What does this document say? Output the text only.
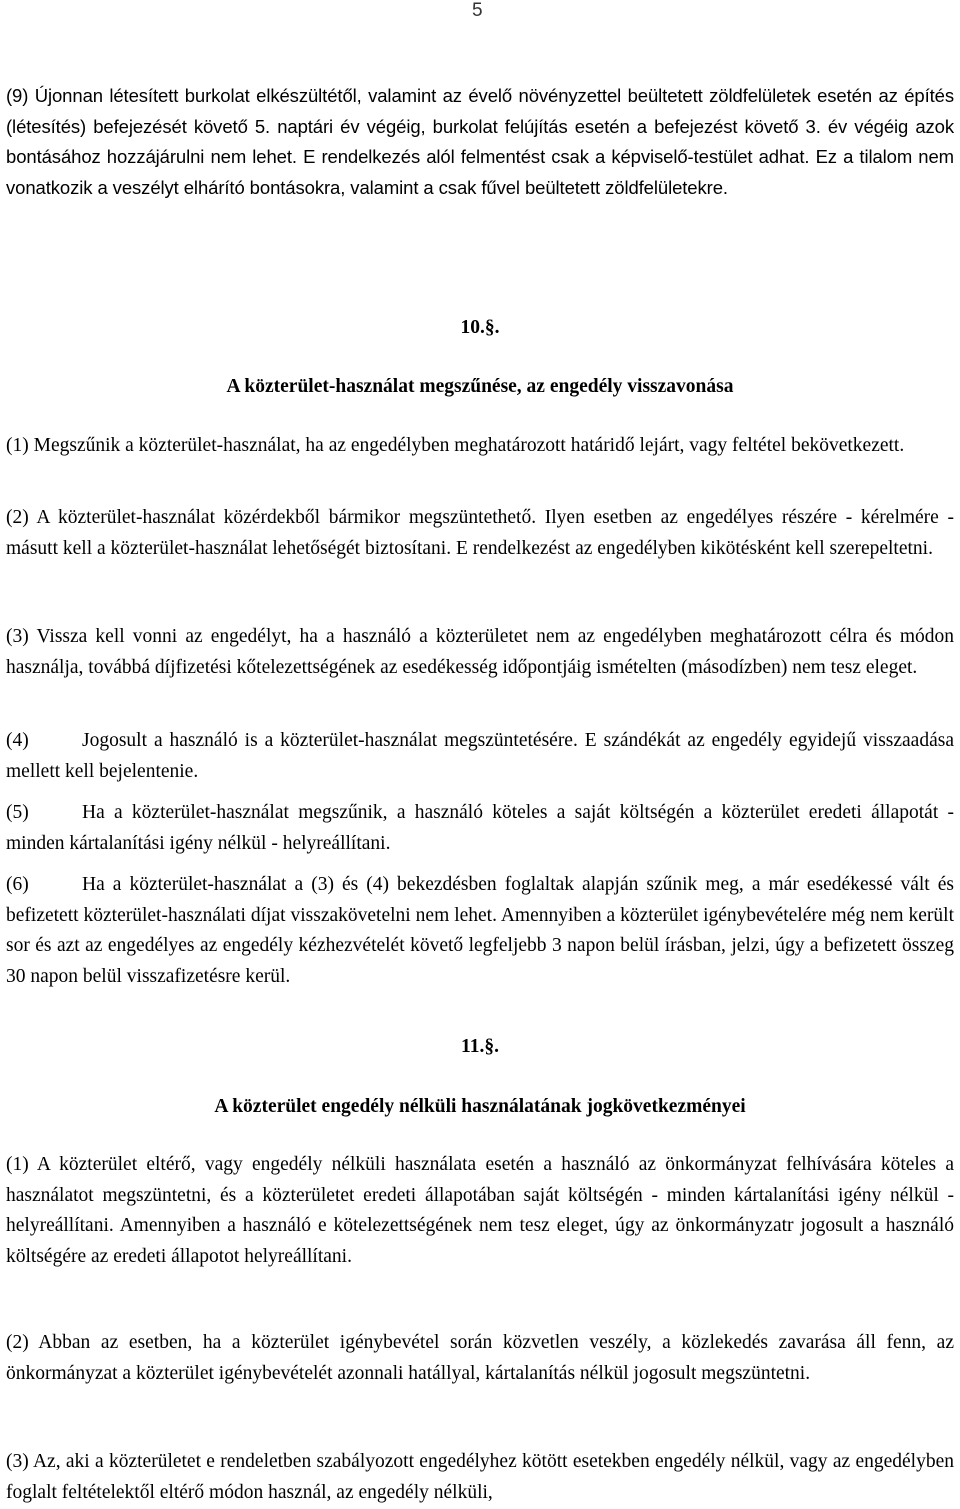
5

(9) Újonnan létesített burkolat elkészültétől, valamint az évelő növényzettel beültetett zöldfelületek esetén az építés (létesítés) befejezését követő 5. naptári év végéig, burkolat felújítás esetén a befejezést követő 3. év végéig azok bontásához hozzájárulni nem lehet. E rendelkezés alól felmentést csak a képviselő-testület adhat. Ez a tilalom nem vonatkozik a veszélyt elhárító bontásokra, valamint a csak fűvel beültetett zöldfelületekre.

10.§.
A közterület-használat megszűnése, az engedély visszavonása

(1) Megszűnik a közterület-használat, ha az engedélyben meghatározott határidő lejárt, vagy feltétel bekövetkezett.

(2) A közterület-használat közérdekből bármikor megszüntethető. Ilyen esetben az engedélyes részére - kérelmére - másutt kell a közterület-használat lehetőségét biztosítani. E rendelkezést az engedélyben kikötésként kell szerepeltetni.

(3) Vissza kell vonni az engedélyt, ha a használó a közterületet nem az engedélyben meghatározott célra és módon használja, továbbá díjfizetési kőtelezettségének az esedékesség időpontjáig ismételten (másodízben) nem tesz eleget.

(4)	Jogosult a használó is a közterület-használat megszüntetésére. E szándékát az engedély egyidejű visszaadása mellett kell bejelentenie.

(5)	Ha a közterület-használat megszűnik, a használó köteles a saját költségén a közterület eredeti állapotát - minden kártalanítási igény nélkül - helyreállítani.

(6)	Ha a közterület-használat a (3) és (4) bekezdésben foglaltak alapján szűnik meg, a már esedékessé vált és befizetett közterület-használati díjat visszakövetelni nem lehet. Amennyiben a közterület igénybevételére még nem került sor és azt az engedélyes az engedély kézhezvételét követő legfeljebb 3 napon belül írásban, jelzi, úgy a befizetett összeg 30 napon belül visszafizetésre kerül.

11.§.
A közterület engedély nélküli használatának jogkövetkezményei

(1) A közterület eltérő, vagy engedély nélküli használata esetén a használó az önkormányzat felhívására köteles a használatot megszüntetni, és a közterületet eredeti állapotában saját költségén - minden kártalanítási igény nélkül - helyreállítani. Amennyiben a használó e kötelezettségének nem tesz eleget, úgy az önkormányzatr jogosult a használó költségére az eredeti állapotot helyreállítani.

(2) Abban az esetben, ha a közterület igénybevétel során közvetlen veszély, a közlekedés zavarása áll fenn, az önkormányzat a közterület igénybevételét azonnali hatállyal, kártalanítás nélkül jogosult megszüntetni.

(3) Az, aki a közterületet e rendeletben szabályozott engedélyhez kötött esetekben engedély nélkül, vagy az engedélyben foglalt feltételektől eltérő módon használ, az engedély nélküli,
